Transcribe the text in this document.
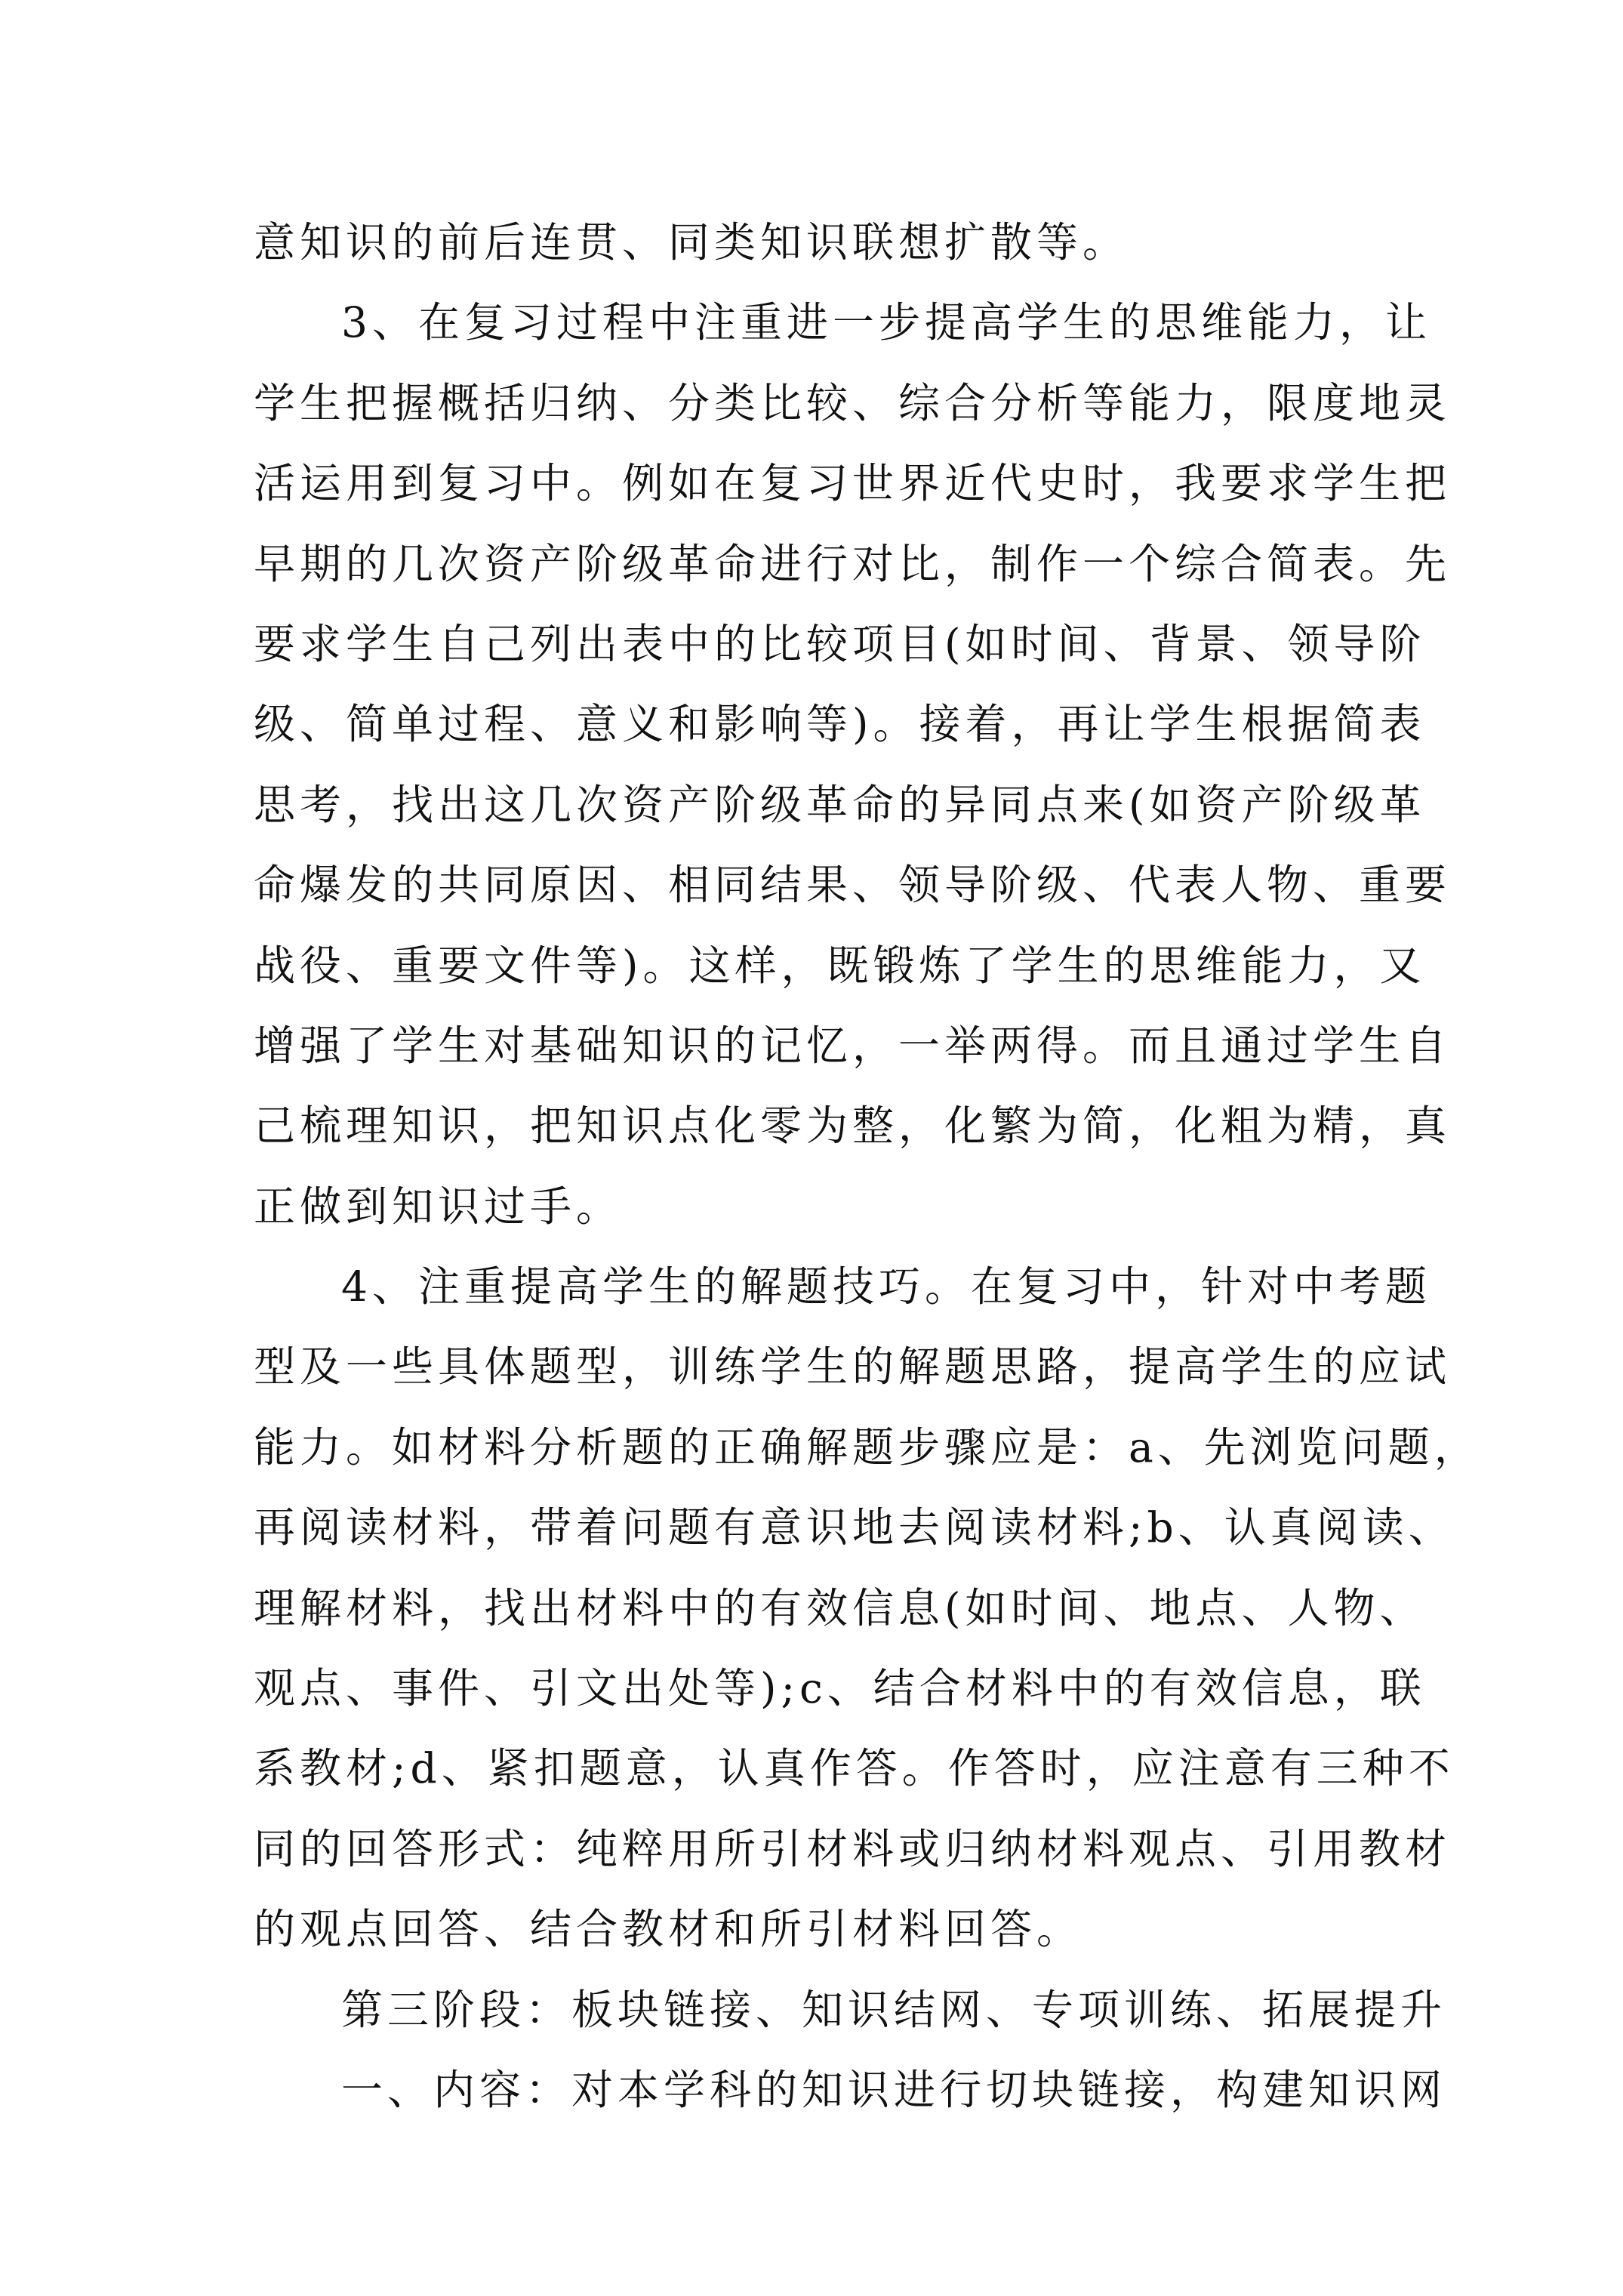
意知识的前后连贯、同类知识联想扩散等。
3、在复习过程中注重进一步提高学生的思维能力，让
学生把握概括归纳、分类比较、综合分析等能力，限度地灵
活运用到复习中。例如在复习世界近代史时，我要求学生把
早期的几次资产阶级革命进行对比，制作一个综合简表。先
要求学生自己列出表中的比较项目(如时间、背景、领导阶
级、简单过程、意义和影响等)。接着，再让学生根据简表
思考，找出这几次资产阶级革命的异同点来(如资产阶级革
命爆发的共同原因、相同结果、领导阶级、代表人物、重要
战役、重要文件等)。这样，既锻炼了学生的思维能力，又
增强了学生对基础知识的记忆，一举两得。而且通过学生自
己梳理知识，把知识点化零为整，化繁为简，化粗为精，真
正做到知识过手。
4、注重提高学生的解题技巧。在复习中，针对中考题
型及一些具体题型，训练学生的解题思路，提高学生的应试
能力。如材料分析题的正确解题步骤应是：a、先浏览问题，
再阅读材料，带着问题有意识地去阅读材料;b、认真阅读、
理解材料，找出材料中的有效信息(如时间、地点、人物、
观点、事件、引文出处等);c、结合材料中的有效信息，联
系教材;d、紧扣题意，认真作答。作答时，应注意有三种不
同的回答形式：纯粹用所引材料或归纳材料观点、引用教材
的观点回答、结合教材和所引材料回答。
第三阶段：板块链接、知识结网、专项训练、拓展提升
一、内容：对本学科的知识进行切块链接，构建知识网
